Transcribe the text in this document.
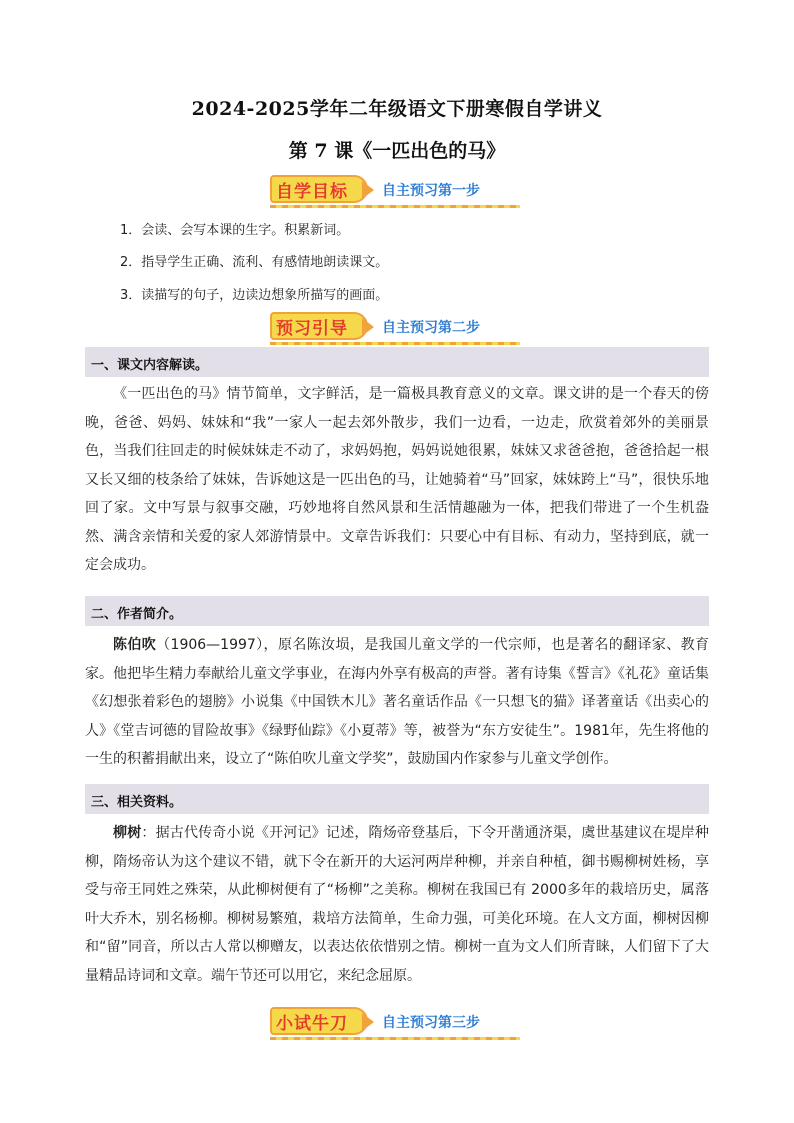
2024-2025学年二年级语文下册寒假自学讲义
第 7 课《一匹出色的马》
自学目标 自主预习第一步
1．会读、会写本课的生字。积累新词。
2．指导学生正确、流利、有感情地朗读课文。
3．读描写的句子，边读边想象所描写的画面。
预习引导 自主预习第二步
一、课文内容解读。

《一匹出色的马》情节简单，文字鲜活，是一篇极具教育意义的文章。课文讲的是一个春天的傍晚，爸爸、妈妈、妹妹和“我”一家人一起去郊外散步，我们一边看，一边走，欣赏着郊外的美丽景色，当我们往回走的时候妹妹走不动了，求妈妈抱，妈妈说她很累，妹妹又求爸爸抱，爸爸拾起一根又长又细的枝条给了妹妹，告诉她这是一匹出色的马，让她骑着“马”回家，妹妹跨上“马”，很快乐地回了家。文中写景与叙事交融，巧妙地将自然风景和生活情趣融为一体，把我们带进了一个生机盎然、满含亲情和关爱的家人郊游情景中。文章告诉我们：只要心中有目标、有动力，坚持到底，就一定会成功。

二、作者简介。

陈伯吹（1906—1997），原名陈汝埙，是我国儿童文学的一代宗师，也是著名的翻译家、教育家。他把毕生精力奉献给儿童文学事业，在海内外享有极高的声誉。著有诗集《誓言》《礼花》童话集《幻想张着彩色的翅膀》小说集《中国铁木儿》著名童话作品《一只想飞的猫》译著童话《出卖心的人》《堂吉诃德的冒险故事》《绿野仙踪》《小夏蒂》等，被誉为“东方安徒生”。1981年，先生将他的一生的积蓄捐献出来，设立了“陈伯吹儿童文学奖”，鼓励国内作家参与儿童文学创作。

三、相关资料。

柳树：据古代传奇小说《开河记》记述，隋炀帝登基后，下令开凿通济渠，虞世基建议在堤岸种柳，隋炀帝认为这个建议不错，就下令在新开的大运河两岸种柳，并亲自种植，御书赐柳树姓杨，享受与帝王同姓之殊荣，从此柳树便有了“杨柳”之美称。柳树在我国已有 2000多年的栽培历史，属落叶大乔木，别名杨柳。柳树易繁殖，栽培方法简单，生命力强，可美化环境。在人文方面，柳树因柳和“留”同音，所以古人常以柳赠友，以表达依依惜别之情。柳树一直为文人们所青睐，人们留下了大量精品诗词和文章。端午节还可以用它，来纪念屈原。

小试牛刀 自主预习第三步
